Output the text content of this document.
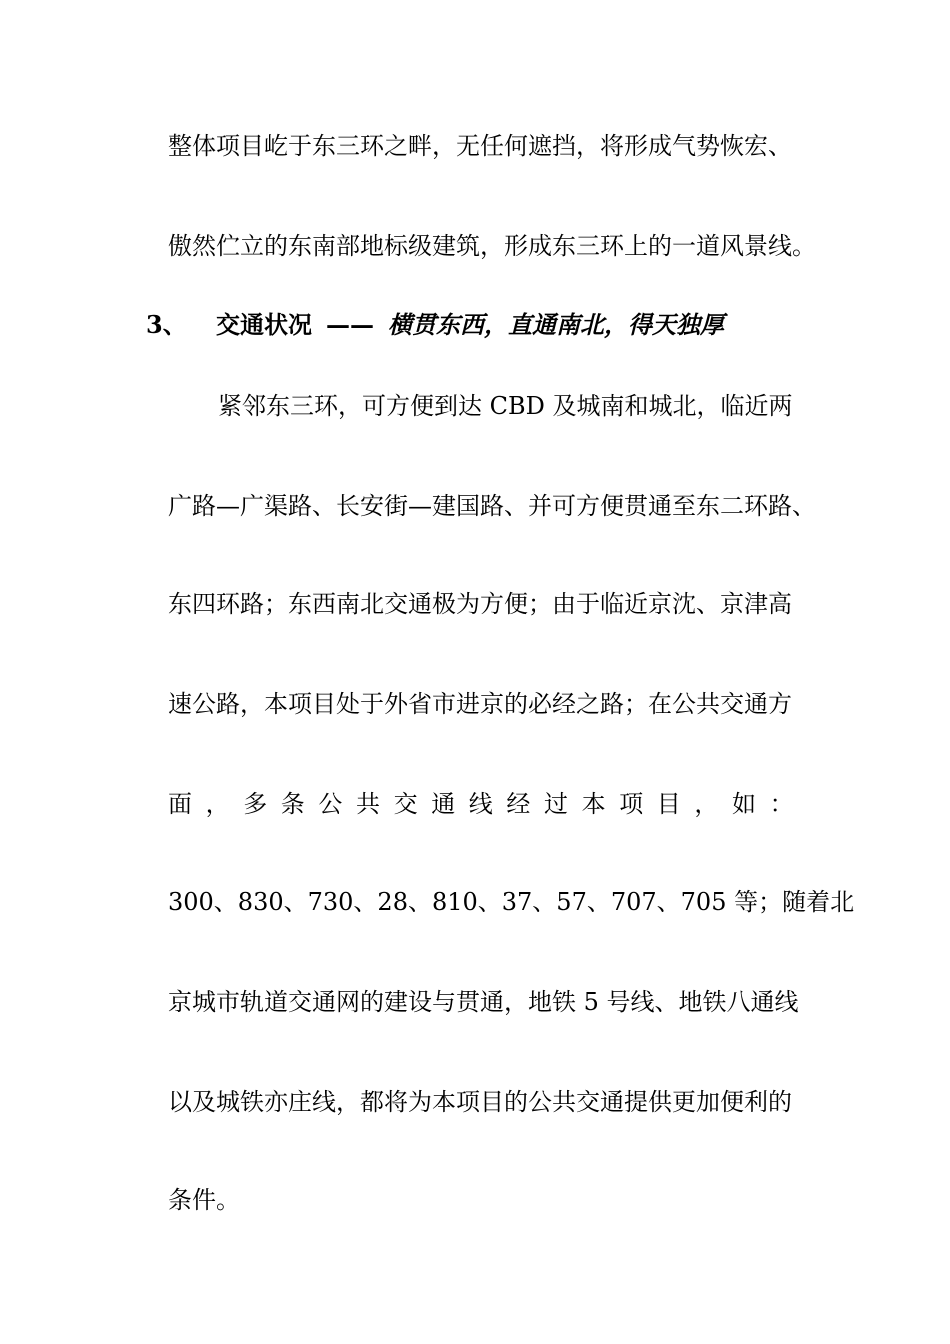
整体项目屹于东三环之畔，无任何遮挡，将形成气势恢宏、
傲然伫立的东南部地标级建筑，形成东三环上的一道风景线。
3、 交通状况 —— 横贯东西，直通南北，得天独厚
紧邻东三环，可方便到达 CBD 及城南和城北，临近两
广路—广渠路、长安街—建国路、并可方便贯通至东二环路、
东四环路；东西南北交通极为方便；由于临近京沈、京津高
速公路，本项目处于外省市进京的必经之路；在公共交通方
面，多条公共交通线经过本项目，如：
300、830、730、28、810、37、57、707、705 等；随着北
京城市轨道交通网的建设与贯通，地铁 5 号线、地铁八通线
以及城铁亦庄线，都将为本项目的公共交通提供更加便利的
条件。
